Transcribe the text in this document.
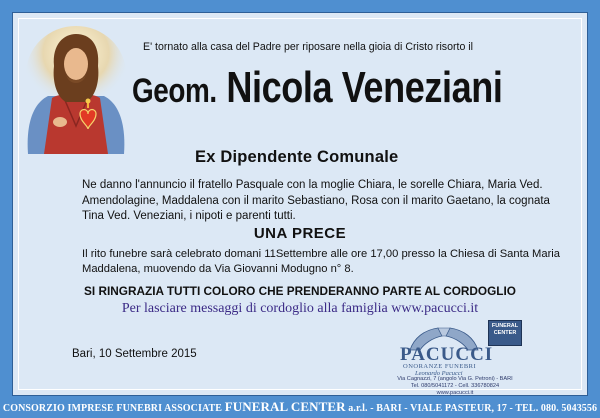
E' tornato alla casa del Padre per riposare nella gioia di Cristo risorto il
Geom. Nicola Veneziani
Ex Dipendente Comunale
Ne danno l'annuncio il fratello Pasquale con la moglie Chiara, le sorelle Chiara, Maria Ved. Amendolagine, Maddalena con il marito Sebastiano, Rosa con il marito Gaetano, la cognata Tina Ved. Veneziani, i nipoti e parenti tutti.
UNA PRECE
Il rito funebre sarà celebrato domani 11Settembre alle ore 17,00 presso la Chiesa di Santa Maria Maddalena, muovendo da Via Giovanni Modugno n° 8.
SI RINGRAZIA TUTTI COLORO CHE PRENDERANNO PARTE AL CORDOGLIO
Per lasciare messaggi di cordoglio alla famiglia www.pacucci.it
Bari, 10 Settembre 2015
FUNERAL CENTER
PACUCCI
ONORANZE FUNEBRI
Leonardo Pacucci
Via Cagnazzi, 7 (angolo Via G. Petroni) - BARI
Tel. 080/5041172 - Cell. 336780824
www.pacucci.it
CONSORZIO IMPRESE FUNEBRI ASSOCIATE FUNERAL CENTER a.r.l. - BARI - VIALE PASTEUR, 17 - TEL. 080. 5043556
